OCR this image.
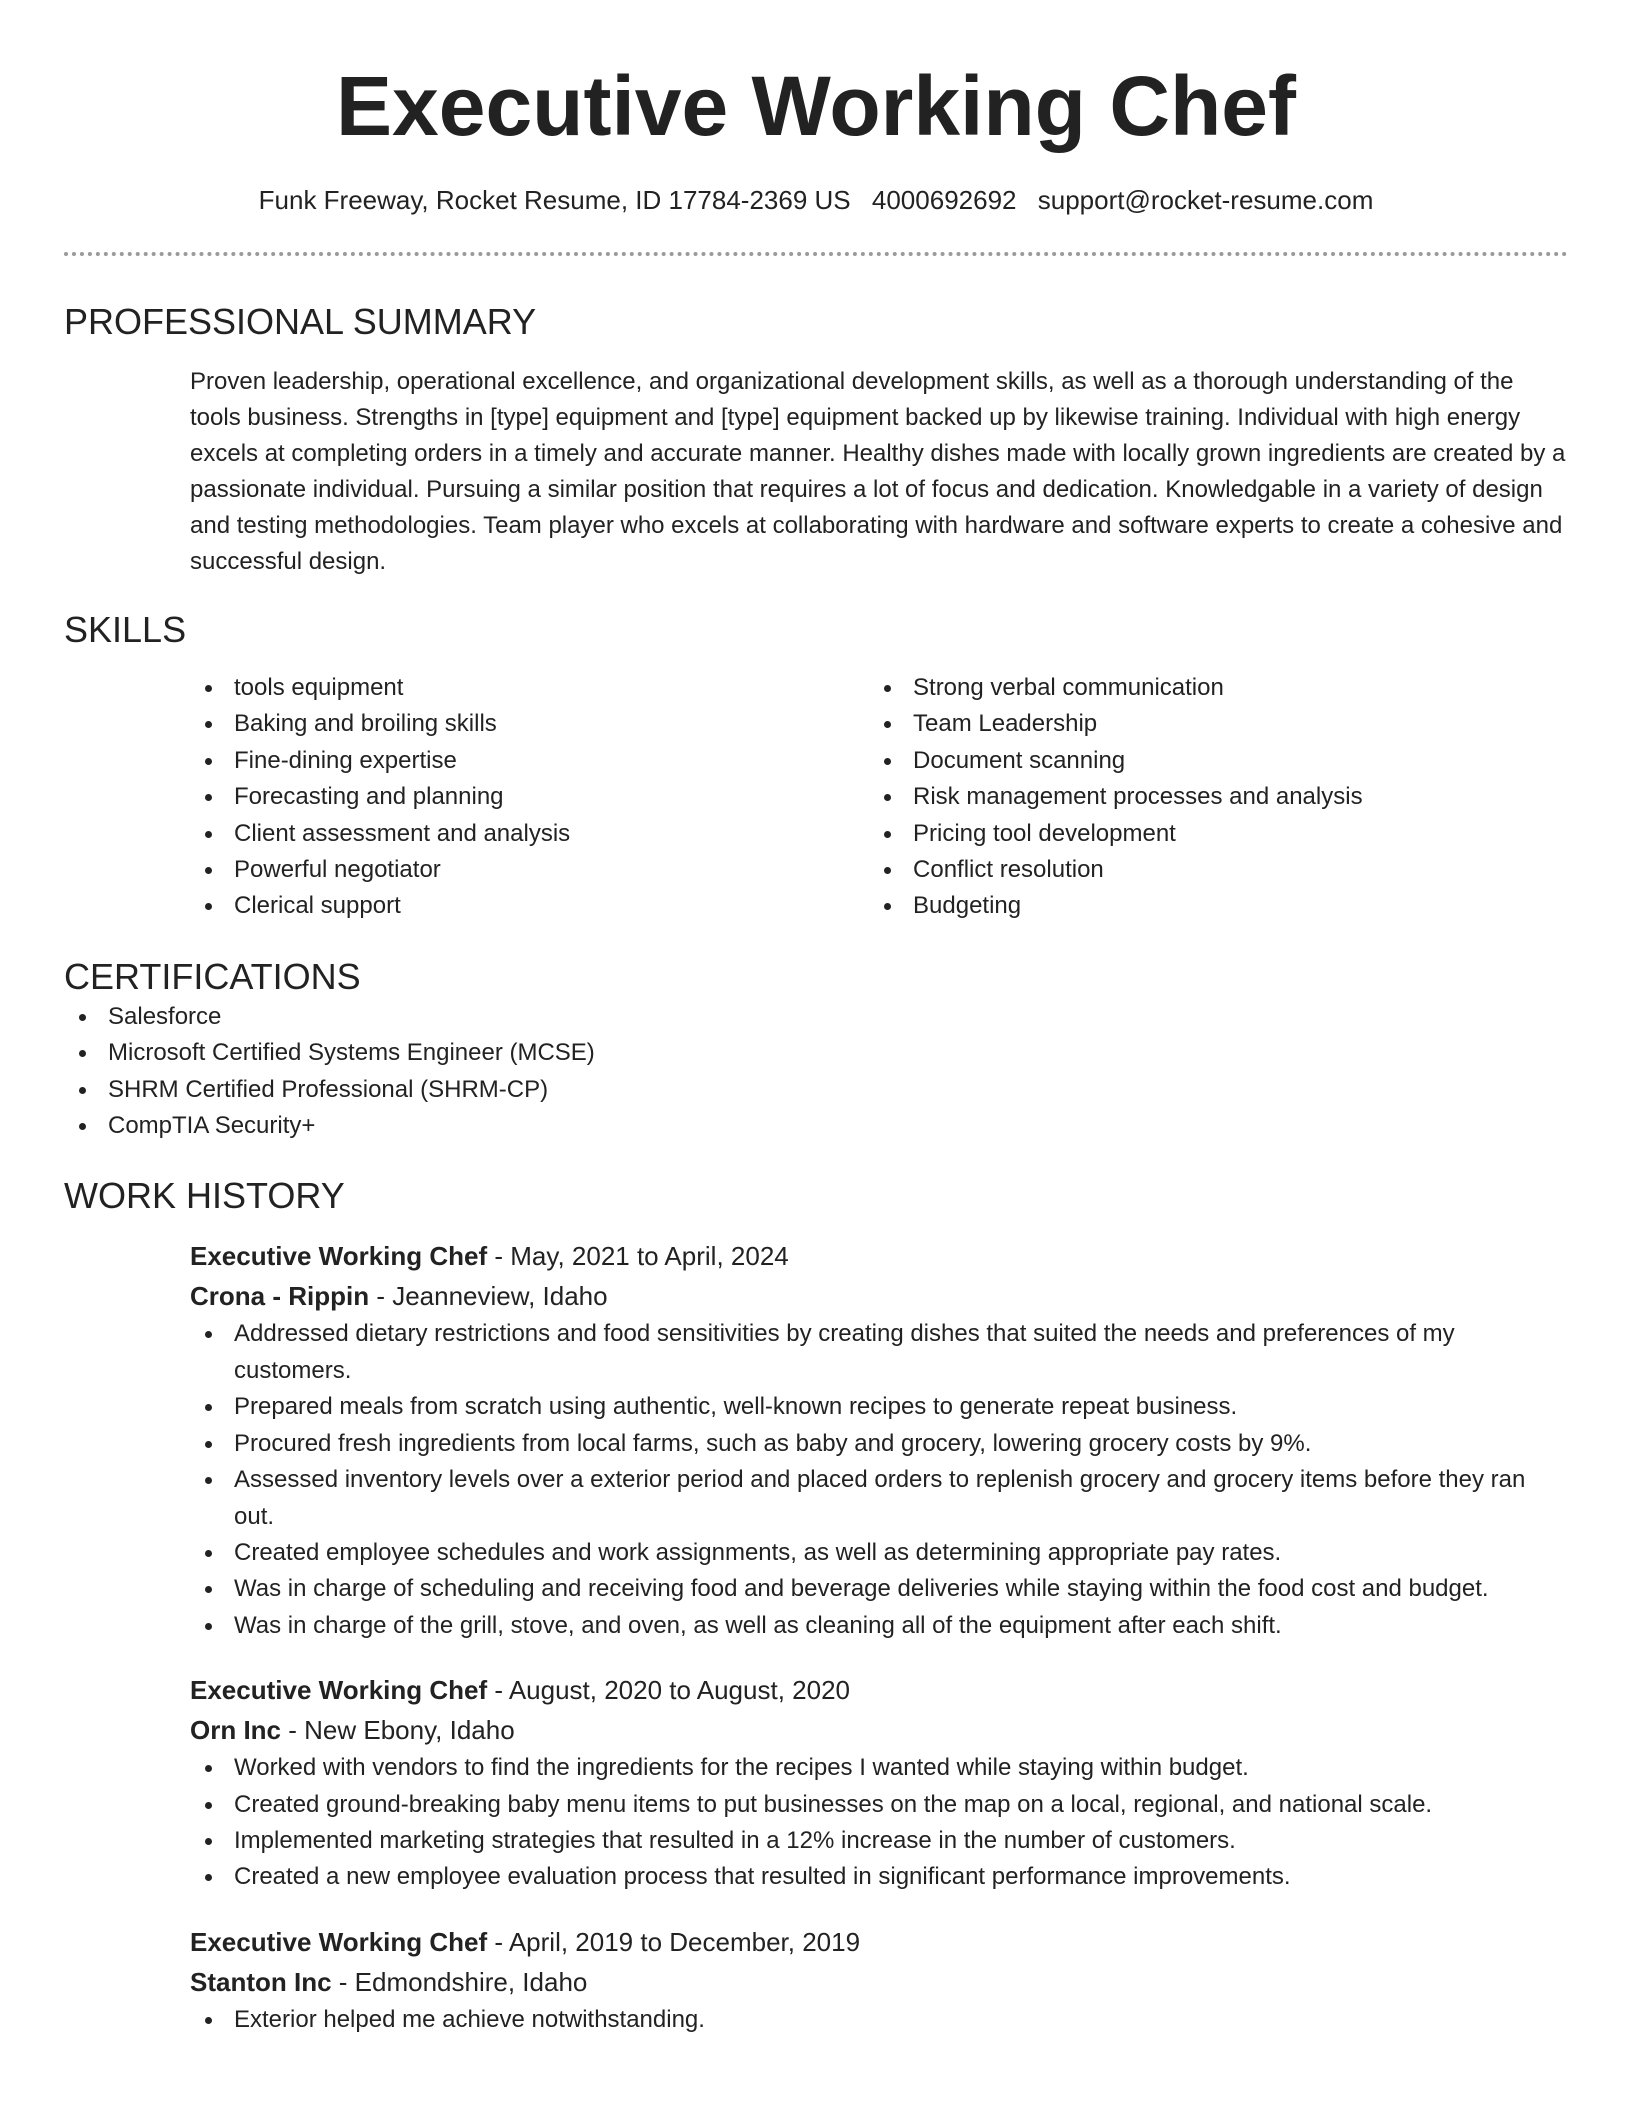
Executive Working Chef
Funk Freeway, Rocket Resume, ID 17784-2369 US 4000692692 support@rocket-resume.com
PROFESSIONAL SUMMARY

Proven leadership, operational excellence, and organizational development skills, as well as a thorough understanding of the tools business. Strengths in [type] equipment and [type] equipment backed up by likewise training. Individual with high energy excels at completing orders in a timely and accurate manner. Healthy dishes made with locally grown ingredients are created by a passionate individual. Pursuing a similar position that requires a lot of focus and dedication. Knowledgable in a variety of design and testing methodologies. Team player who excels at collaborating with hardware and software experts to create a cohesive and successful design.

SKILLS
tools equipment
Baking and broiling skills
Fine-dining expertise
Forecasting and planning
Client assessment and analysis
Powerful negotiator
Clerical support
Strong verbal communication
Team Leadership
Document scanning
Risk management processes and analysis
Pricing tool development
Conflict resolution
Budgeting
CERTIFICATIONS
Salesforce
Microsoft Certified Systems Engineer (MCSE)
SHRM Certified Professional (SHRM-CP)
CompTIA Security+
WORK HISTORY
Executive Working Chef - May, 2021 to April, 2024
Crona - Rippin - Jeanneview, Idaho
Addressed dietary restrictions and food sensitivities by creating dishes that suited the needs and preferences of my customers.
Prepared meals from scratch using authentic, well-known recipes to generate repeat business.
Procured fresh ingredients from local farms, such as baby and grocery, lowering grocery costs by 9%.
Assessed inventory levels over a exterior period and placed orders to replenish grocery and grocery items before they ran out.
Created employee schedules and work assignments, as well as determining appropriate pay rates.
Was in charge of scheduling and receiving food and beverage deliveries while staying within the food cost and budget.
Was in charge of the grill, stove, and oven, as well as cleaning all of the equipment after each shift.
Executive Working Chef - August, 2020 to August, 2020
Orn Inc - New Ebony, Idaho
Worked with vendors to find the ingredients for the recipes I wanted while staying within budget.
Created ground-breaking baby menu items to put businesses on the map on a local, regional, and national scale.
Implemented marketing strategies that resulted in a 12% increase in the number of customers.
Created a new employee evaluation process that resulted in significant performance improvements.
Executive Working Chef - April, 2019 to December, 2019
Stanton Inc - Edmondshire, Idaho
Exterior helped me achieve notwithstanding.
